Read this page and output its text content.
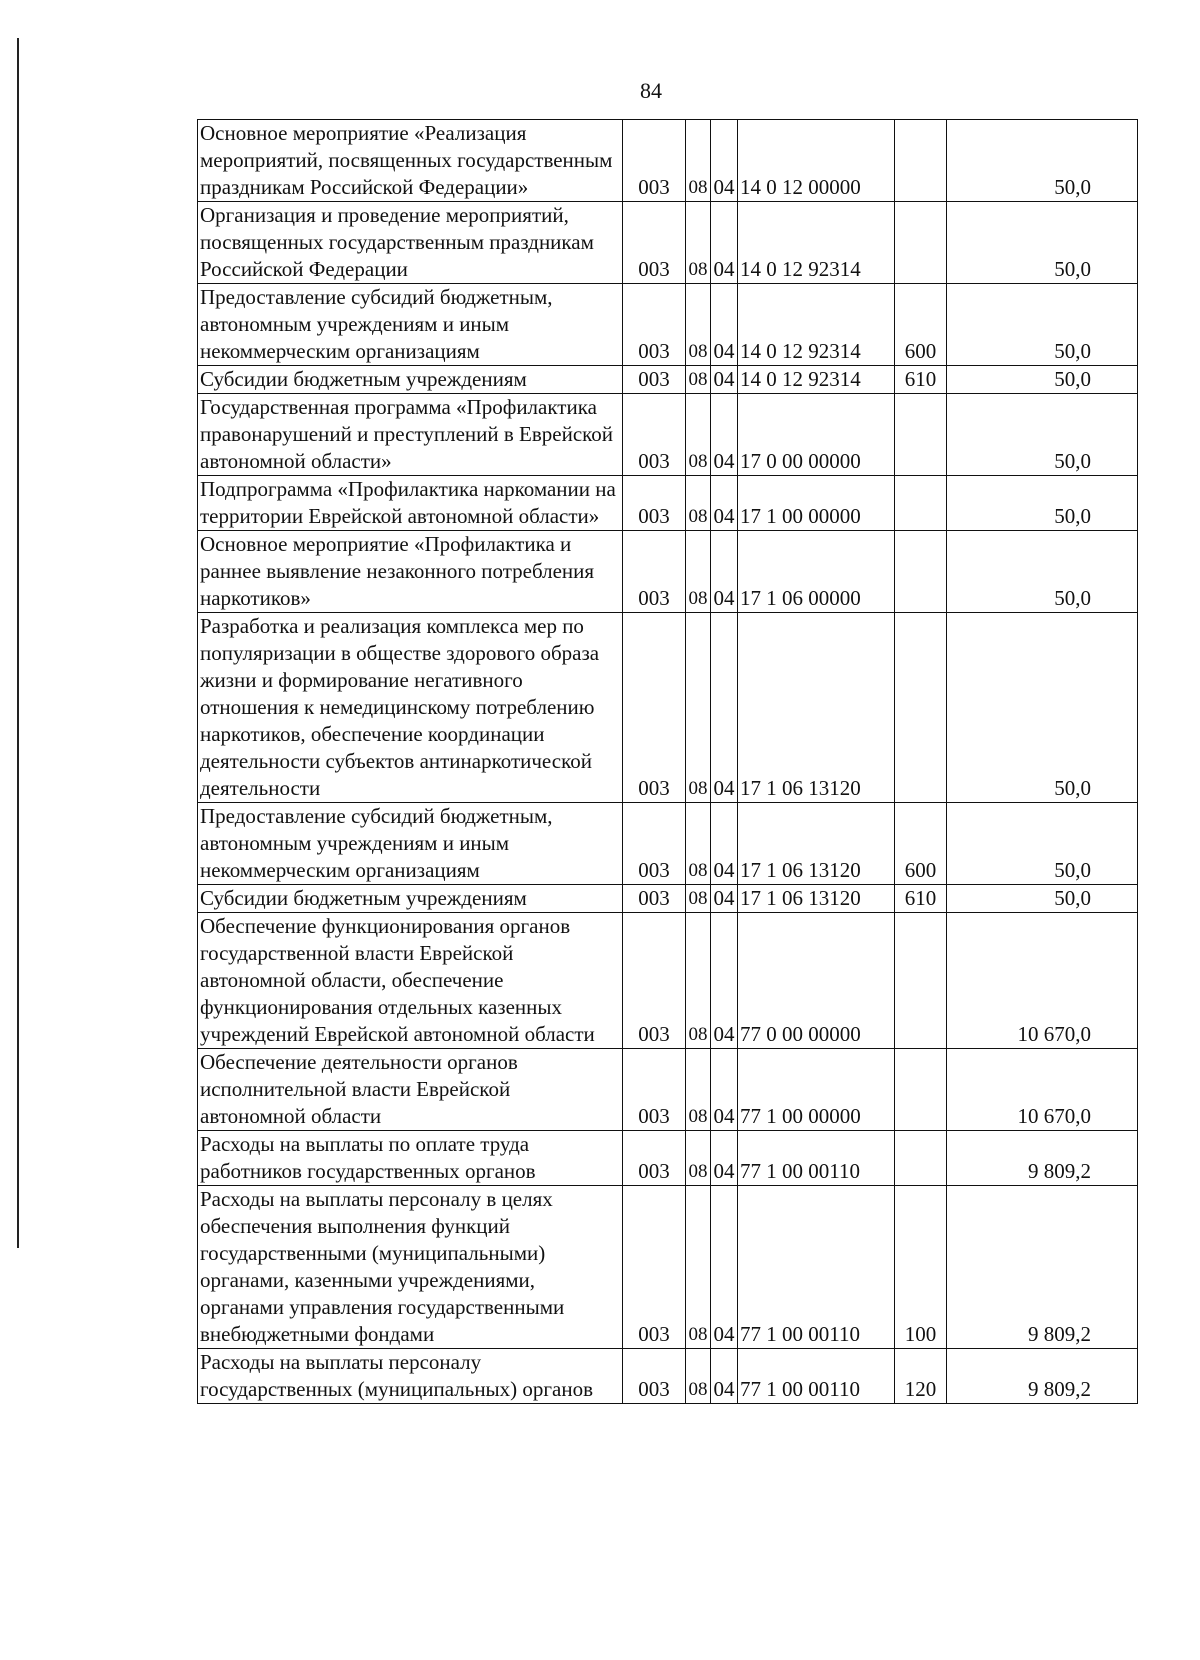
84
Основное мероприятие «Реализация мероприятий, посвященных государственным праздникам Российской Федерации»	003	08	04	14 0 12 00000		50,0
Организация и проведение мероприятий, посвященных государственным праздникам Российской Федерации	003	08	04	14 0 12 92314		50,0
Предоставление субсидий бюджетным, автономным учреждениям и иным некоммерческим организациям	003	08	04	14 0 12 92314	600	50,0
Субсидии бюджетным учреждениям	003	08	04	14 0 12 92314	610	50,0
Государственная программа «Профилактика правонарушений и преступлений в Еврейской автономной области»	003	08	04	17 0 00 00000		50,0
Подпрограмма «Профилактика наркомании на территории Еврейской автономной области»	003	08	04	17 1 00 00000		50,0
Основное мероприятие «Профилактика и раннее выявление незаконного потребления наркотиков»	003	08	04	17 1 06 00000		50,0
Разработка и реализация комплекса мер по популяризации в обществе здорового образа жизни и формирование негативного отношения к немедицинскому потреблению наркотиков, обеспечение координации деятельности субъектов антинаркотической деятельности	003	08	04	17 1 06 13120		50,0
Предоставление субсидий бюджетным, автономным учреждениям и иным некоммерческим организациям	003	08	04	17 1 06 13120	600	50,0
Субсидии бюджетным учреждениям	003	08	04	17 1 06 13120	610	50,0
Обеспечение функционирования органов государственной власти Еврейской автономной области, обеспечение функционирования отдельных казенных учреждений Еврейской автономной области	003	08	04	77 0 00 00000		10 670,0
Обеспечение деятельности органов исполнительной власти Еврейской автономной области	003	08	04	77 1 00 00000		10 670,0
Расходы на выплаты по оплате труда работников государственных органов	003	08	04	77 1 00 00110		9 809,2
Расходы на выплаты персоналу в целях обеспечения выполнения функций государственными (муниципальными) органами, казенными учреждениями, органами управления государственными внебюджетными фондами	003	08	04	77 1 00 00110	100	9 809,2
Расходы на выплаты персоналу государственных (муниципальных) органов	003	08	04	77 1 00 00110	120	9 809,2
